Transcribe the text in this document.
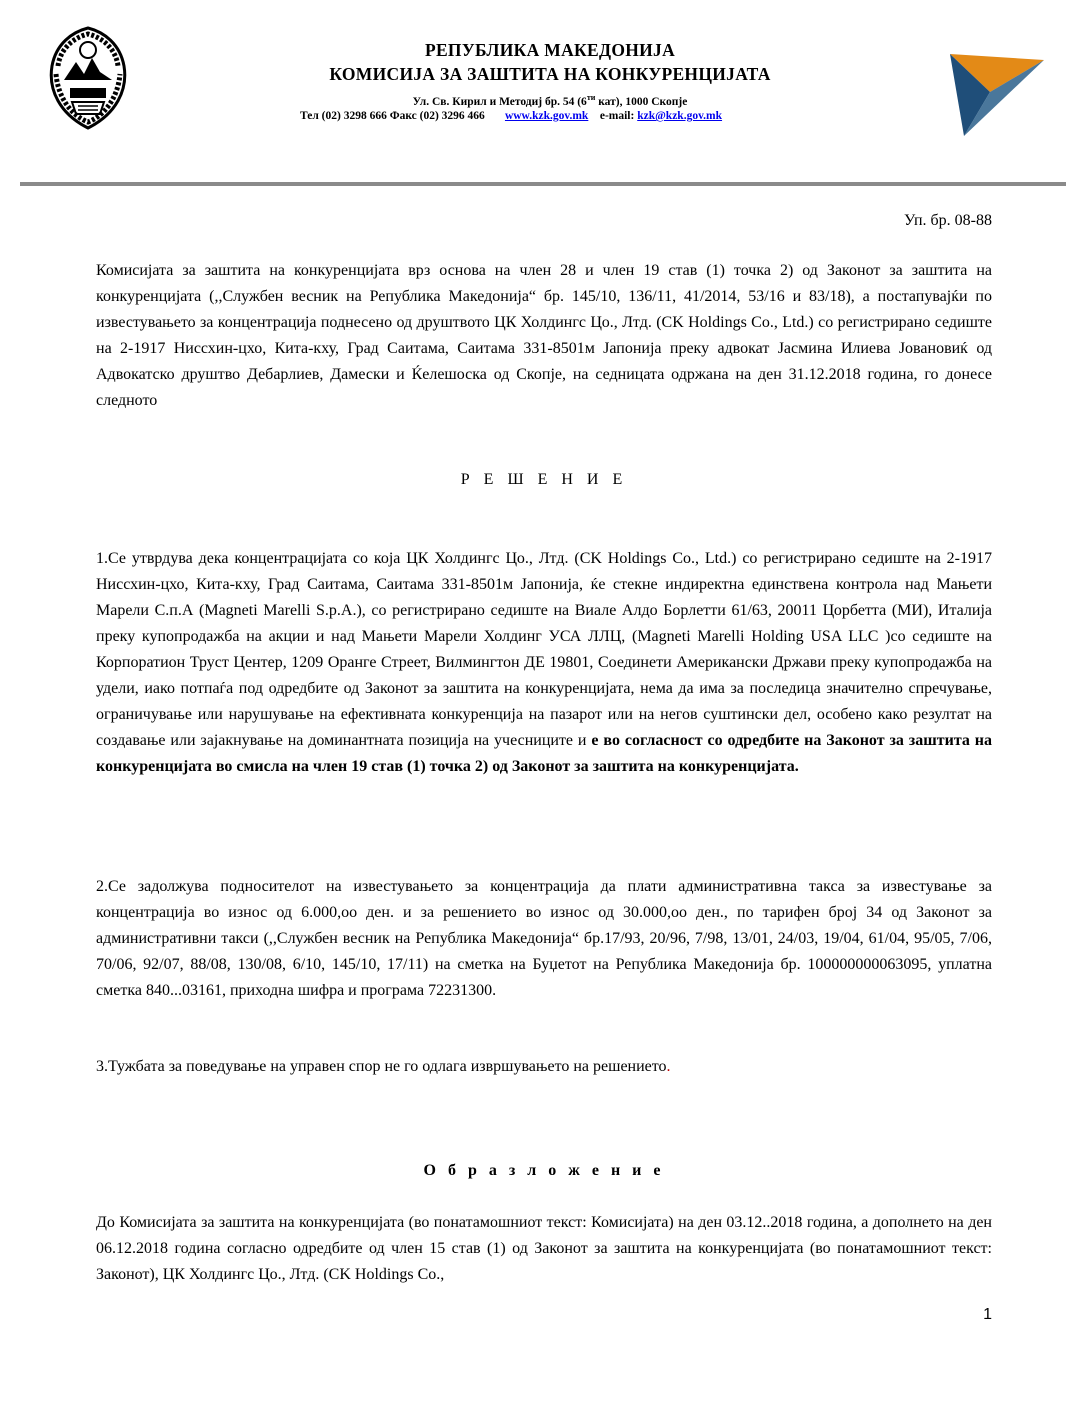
РЕПУБЛИКА МАКЕДОНИЈА
КОМИСИЈА ЗА ЗАШТИТА НА КОНКУРЕНЦИЈАТА
Ул. Св. Кирил и Методиј бр. 54 ($6^{ти}$ кат), 1000 Скопје
Тел (02) 3298 666 Факс (02) 3296 466 www.kzk.gov.mk e-mail: kzk@kzk.gov.mk
Уп. бр. 08-88

Комисијата за заштита на конкуренцијата врз основа на член 28 и член 19 став (1) точка 2) од Законот за заштита на конкуренцијата (,,Службен весник на Република Македонија“ бр. 145/10, 136/11, 41/2014, 53/16 и 83/18), а постапувајќи по известувањето за концентрација поднесено од друштвото ЦК Холдингс Цо., Лтд. (CK Holdings Co., Ltd.) со регистрирано седиште на 2-1917 Ниссхин-цхо, Кита-кху, Град Саитама, Саитама 331-8501м Јапонија преку адвокат Јасмина Илиева Јовановиќ од Адвокатско друштво Дебарлиев, Дамески и Ќелешоска од Скопје, на седницата одржана на ден 31.12.2018 година, го донесе следното

Р Е Ш Е Н И Е

1.Се утврдува дека концентрацијата со која ЦК Холдингс Цо., Лтд. (CK Holdings Co., Ltd.) со регистрирано седиште на 2-1917 Ниссхин-цхо, Кита-кху, Град Саитама, Саитама 331-8501м Јапонија, ќе стекне индиректна единствена контрола над Мањети Марели С.п.А (Magneti Marelli S.p.A.), со регистрирано седиште на Виале Алдо Борлетти 61/63, 20011 Цорбетта (МИ), Италија преку купопродажба на акции и над Мањети Марели Холдинг УСА ЛЛЦ, (Magneti Marelli Holding USA LLC )со седиште на Корпоратион Труст Центер, 1209 Оранге Стреет, Вилмингтон ДЕ 19801, Соединети Американски Држави преку купопродажба на удели, иако потпаѓа под одредбите од Законот за заштита на конкуренцијата, нема да има за последица значително спречување, ограничување или нарушување на ефективната конкуренција на пазарот или на негов суштински дел, особено како резултат на создавање или зајакнување на доминантната позиција на учесниците и е во согласност со одредбите на Законот за заштита на конкуренцијата во смисла на член 19 став (1) точка 2) од Законот за заштита на конкуренцијата.

2.Се задолжува подносителот на известувањето за концентрација да плати административна такса за известување за концентрација во износ од 6.000,оо ден. и за решението во износ од 30.000,оо ден., по тарифен број 34 од Законот за административни такси (,,Службен весник на Република Македонија“ бр.17/93, 20/96, 7/98, 13/01, 24/03, 19/04, 61/04, 95/05, 7/06, 70/06, 92/07, 88/08, 130/08, 6/10, 145/10, 17/11) на сметка на Буџетот на Република Македонија бр. 100000000063095, уплатна сметка 840...03161, приходна шифра и програма 72231300.

3.Тужбата за поведување на управен спор не го одлага извршувањето на решението.

О б р а з л о ж е н и е

До Комисијата за заштита на конкуренцијата (во понатамошниот текст: Комисијата) на ден 03.12..2018 година, а дополнето на ден 06.12.2018 година согласно одредбите од член 15 став (1) од Законот за заштита на конкуренцијата (во понатамошниот текст: Законот), ЦК Холдингс Цо., Лтд. (CK Holdings Co.,

1
